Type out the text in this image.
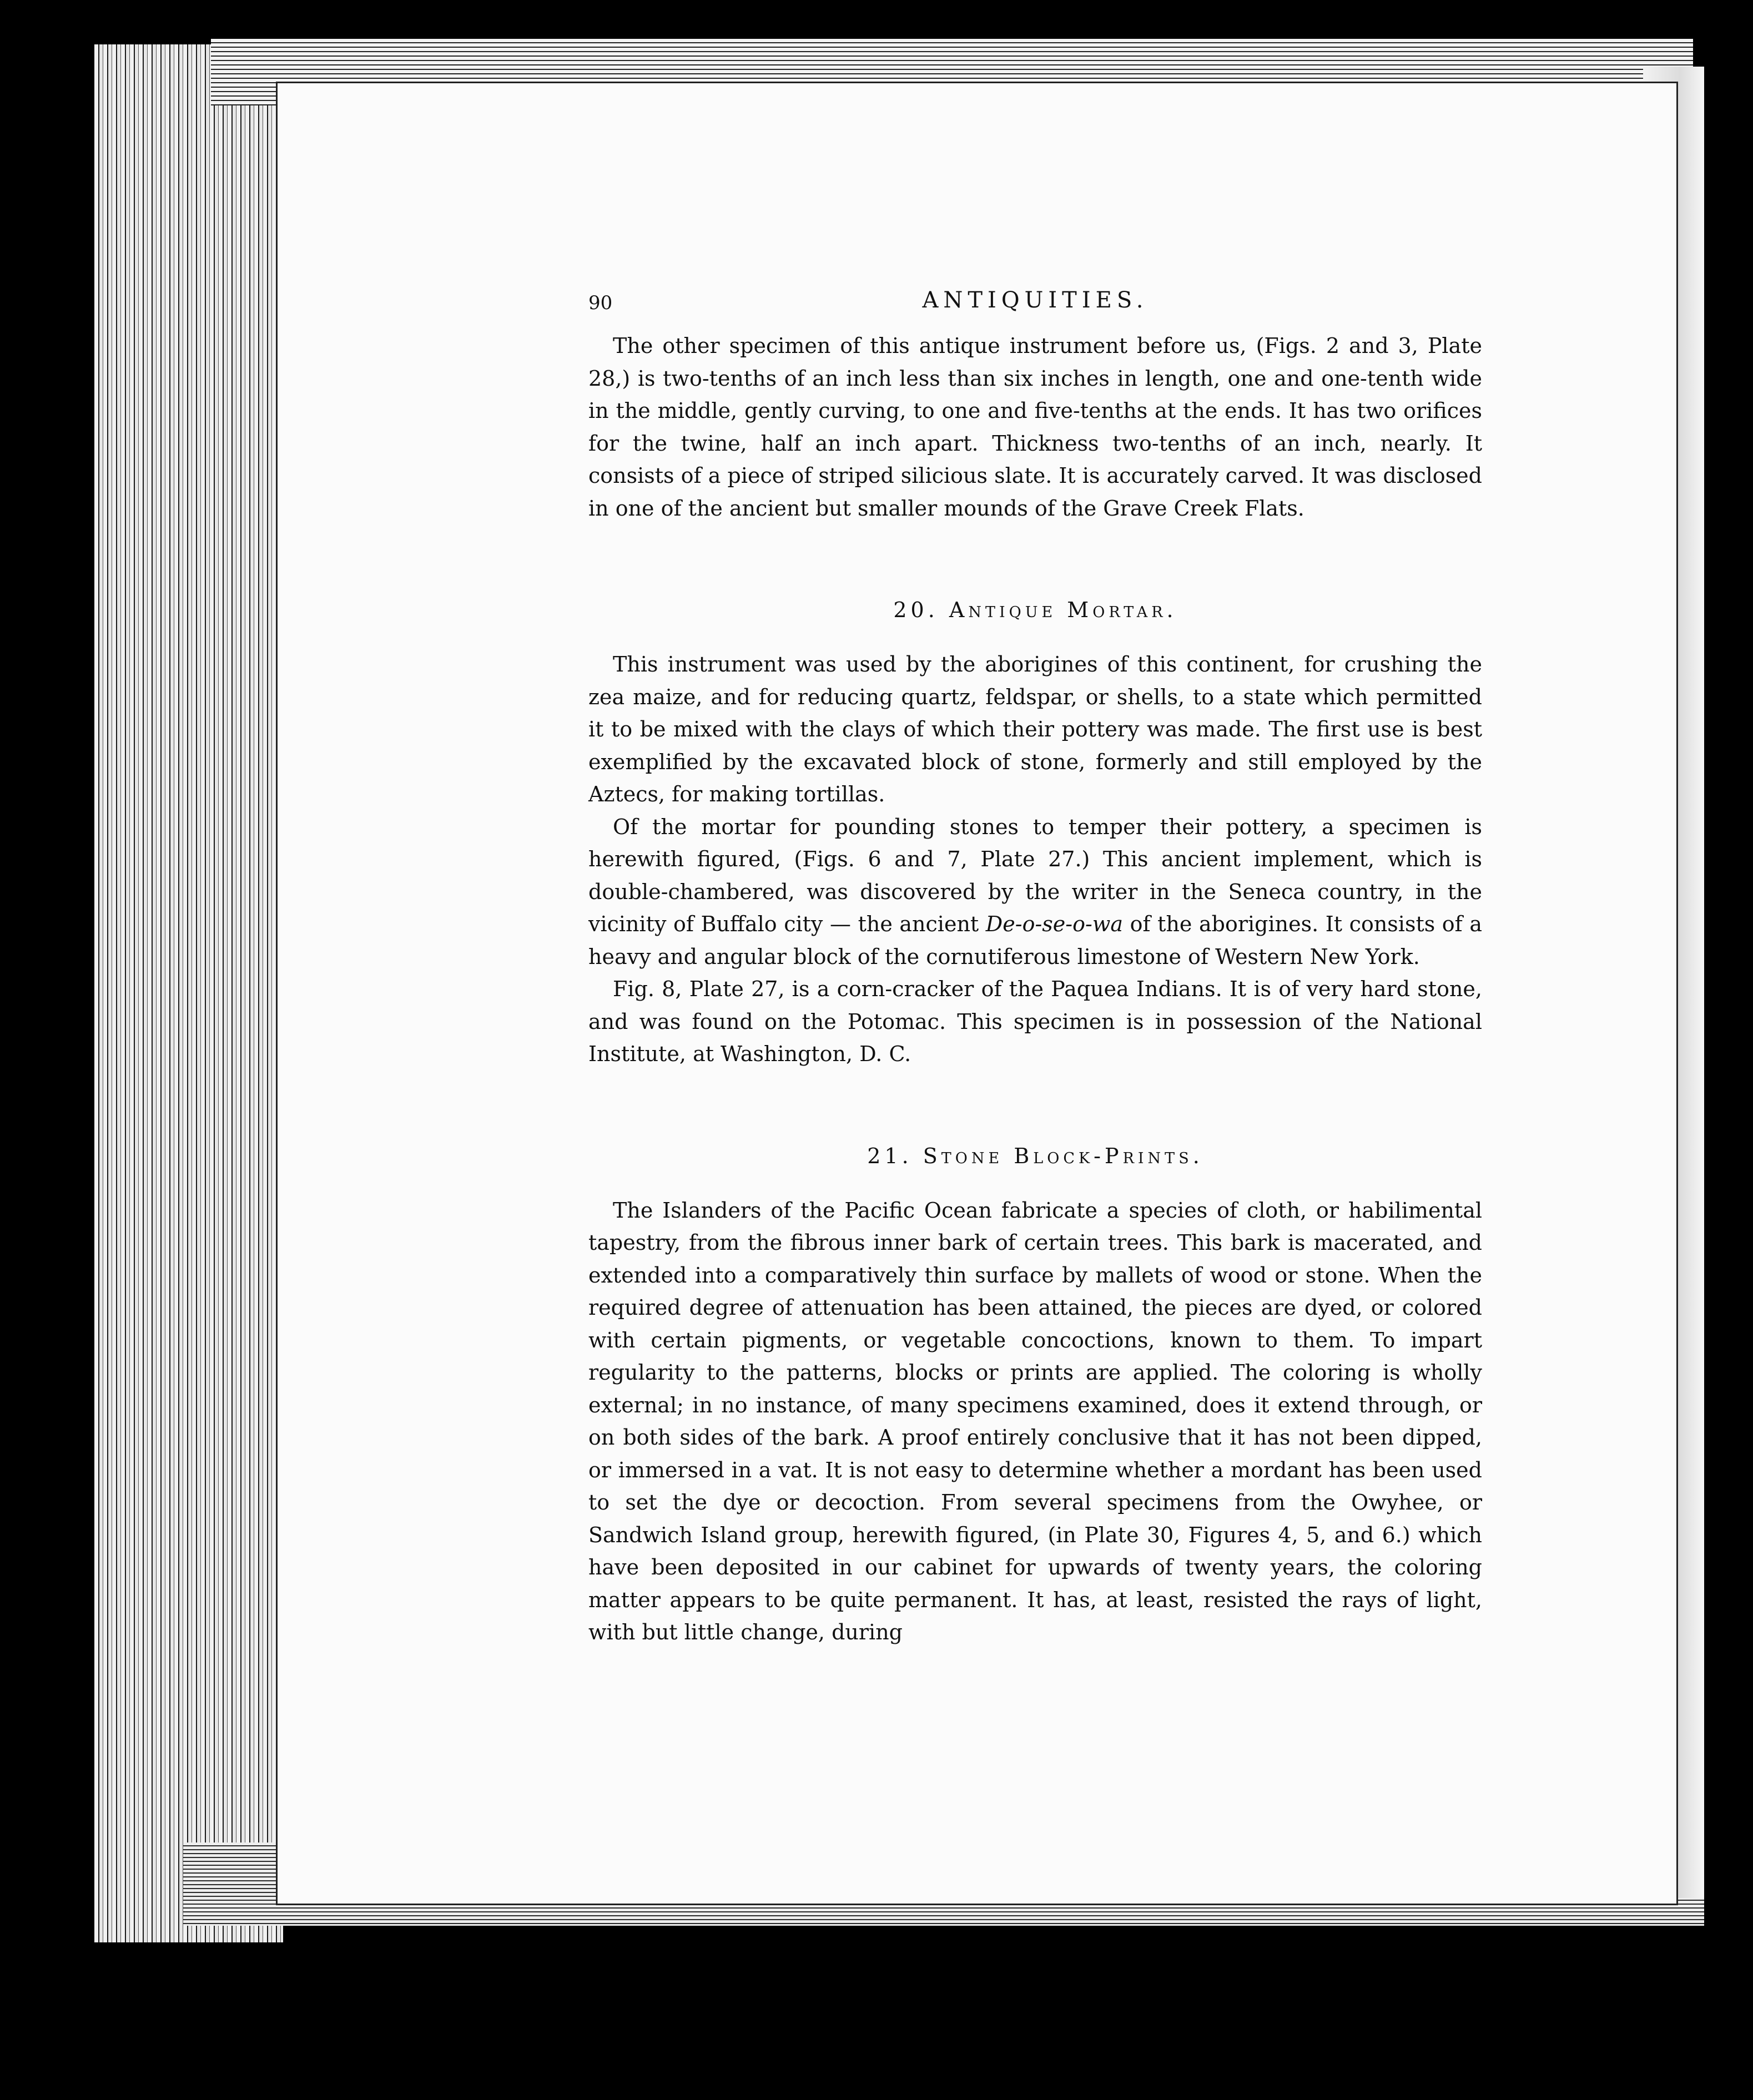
90	ANTIQUITIES.

The other specimen of this antique instrument before us, (Figs. 2 and 3, Plate 28,) is two-tenths of an inch less than six inches in length, one and one-tenth wide in the middle, gently curving, to one and five-tenths at the ends. It has two orifices for the twine, half an inch apart. Thickness two-tenths of an inch, nearly. It consists of a piece of striped silicious slate. It is accurately carved. It was disclosed in one of the ancient but smaller mounds of the Grave Creek Flats.

20. Antique Mortar.

This instrument was used by the aborigines of this continent, for crushing the zea maize, and for reducing quartz, feldspar, or shells, to a state which permitted it to be mixed with the clays of which their pottery was made. The first use is best exemplified by the excavated block of stone, formerly and still employed by the Aztecs, for making tortillas.

Of the mortar for pounding stones to temper their pottery, a specimen is herewith figured, (Figs. 6 and 7, Plate 27.) This ancient implement, which is double-chambered, was discovered by the writer in the Seneca country, in the vicinity of Buffalo city — the ancient De-o-se-o-wa of the aborigines. It consists of a heavy and angular block of the cornutiferous limestone of Western New York.

Fig. 8, Plate 27, is a corn-cracker of the Paquea Indians. It is of very hard stone, and was found on the Potomac. This specimen is in possession of the National Institute, at Washington, D. C.

21. Stone Block-Prints.

The Islanders of the Pacific Ocean fabricate a species of cloth, or habilimental tapestry, from the fibrous inner bark of certain trees. This bark is macerated, and extended into a comparatively thin surface by mallets of wood or stone. When the required degree of attenuation has been attained, the pieces are dyed, or colored with certain pigments, or vegetable concoctions, known to them. To impart regularity to the patterns, blocks or prints are applied. The coloring is wholly external; in no instance, of many specimens examined, does it extend through, or on both sides of the bark. A proof entirely conclusive that it has not been dipped, or immersed in a vat. It is not easy to determine whether a mordant has been used to set the dye or decoction. From several specimens from the Owyhee, or Sandwich Island group, herewith figured, (in Plate 30, Figures 4, 5, and 6.) which have been deposited in our cabinet for upwards of twenty years, the coloring matter appears to be quite permanent. It has, at least, resisted the rays of light, with but little change, during
